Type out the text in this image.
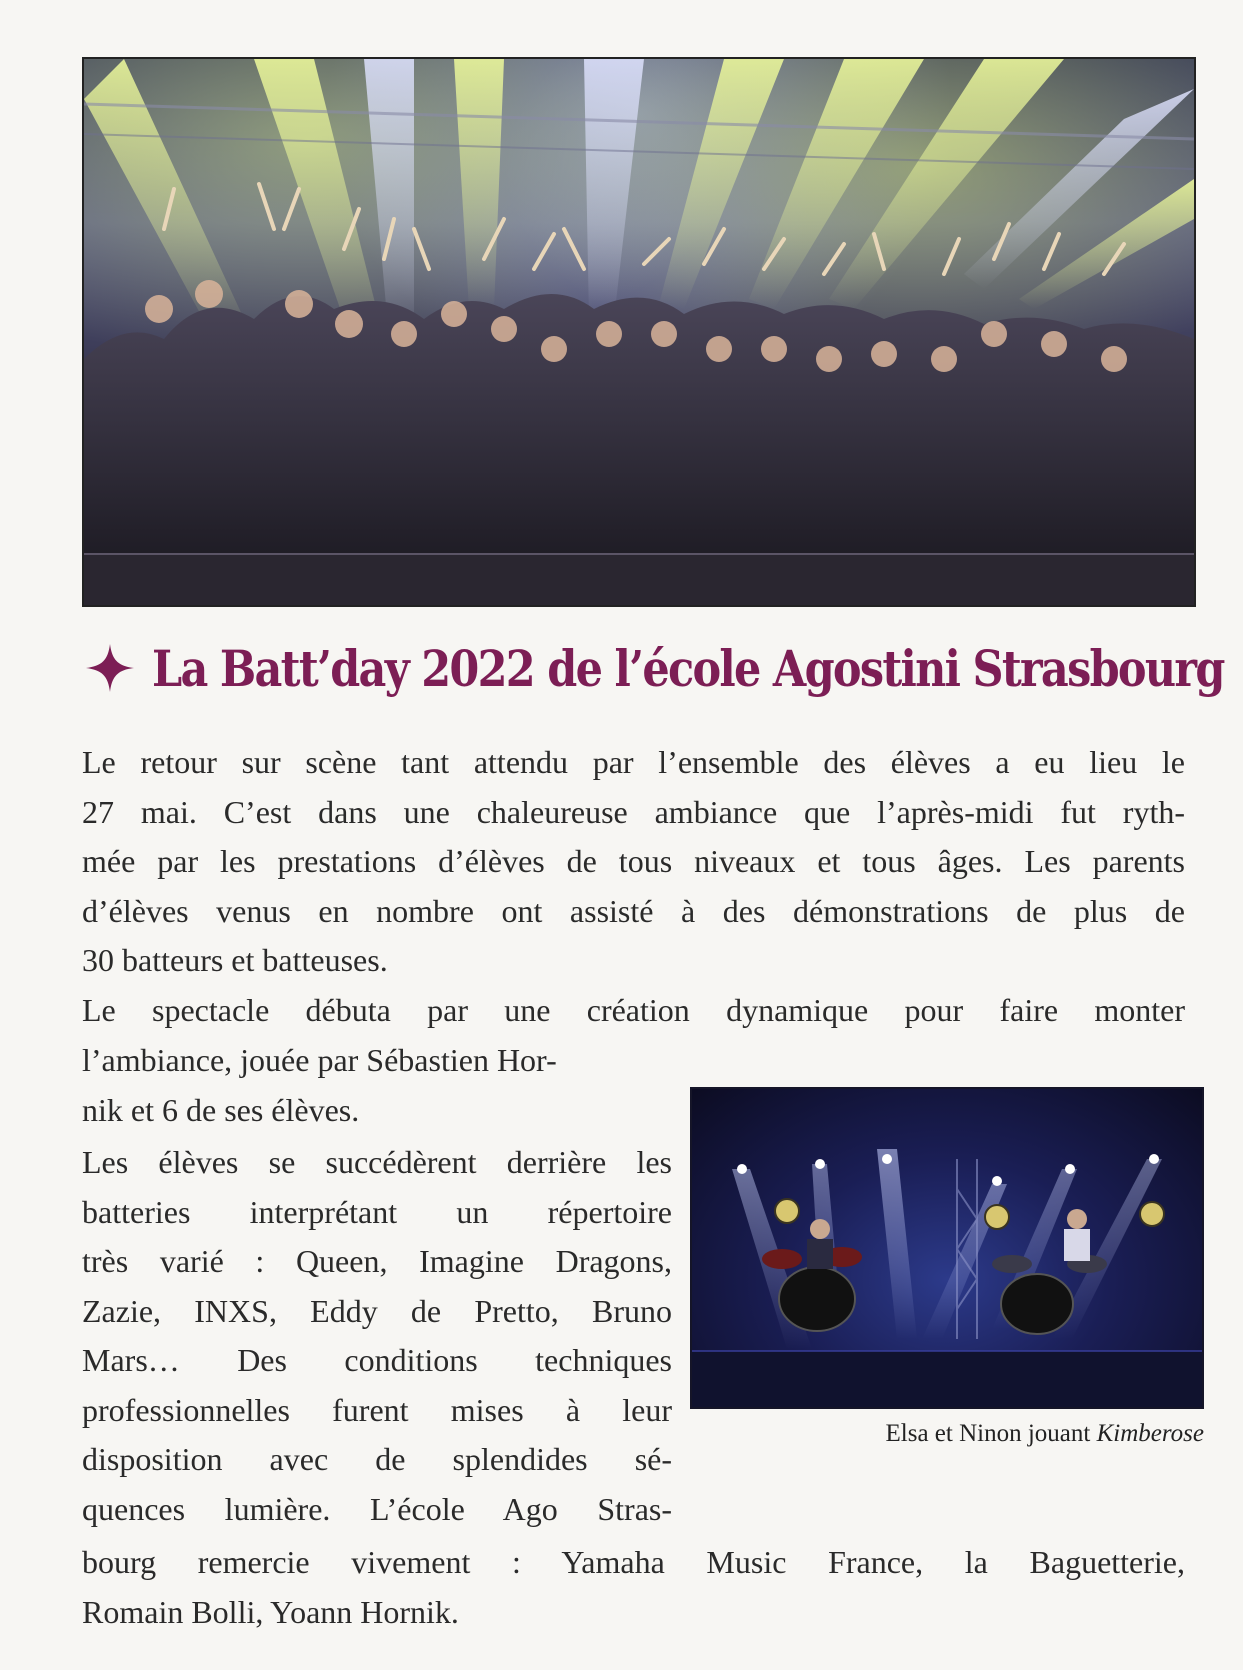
La Batt’day 2022 de l’école Agostini Strasbourg
Le retour sur scène tant attendu par l’ensemble des élèves a eu lieu le
27 mai. C’est dans une chaleureuse ambiance que l’après-midi fut ryth-
mée par les prestations d’élèves de tous niveaux et tous âges. Les parents
d’élèves venus en nombre ont assisté à des démonstrations de plus de
30 batteurs et batteuses.
Le spectacle débuta par une création dynamique pour faire monter
l’ambiance, jouée par Sébastien Hor-
nik et 6 de ses élèves.
Les élèves se succédèrent derrière les
batteries interprétant un répertoire
très varié : Queen, Imagine Dragons,
Zazie, INXS, Eddy de Pretto, Bruno
Mars… Des conditions techniques
professionnelles furent mises à leur
disposition avec de splendides sé-
quences lumière. L’école Ago Stras-
bourg remercie vivement : Yamaha Music France, la Baguetterie,
Romain Bolli, Yoann Hornik.
Elsa et Ninon jouant Kimberose
